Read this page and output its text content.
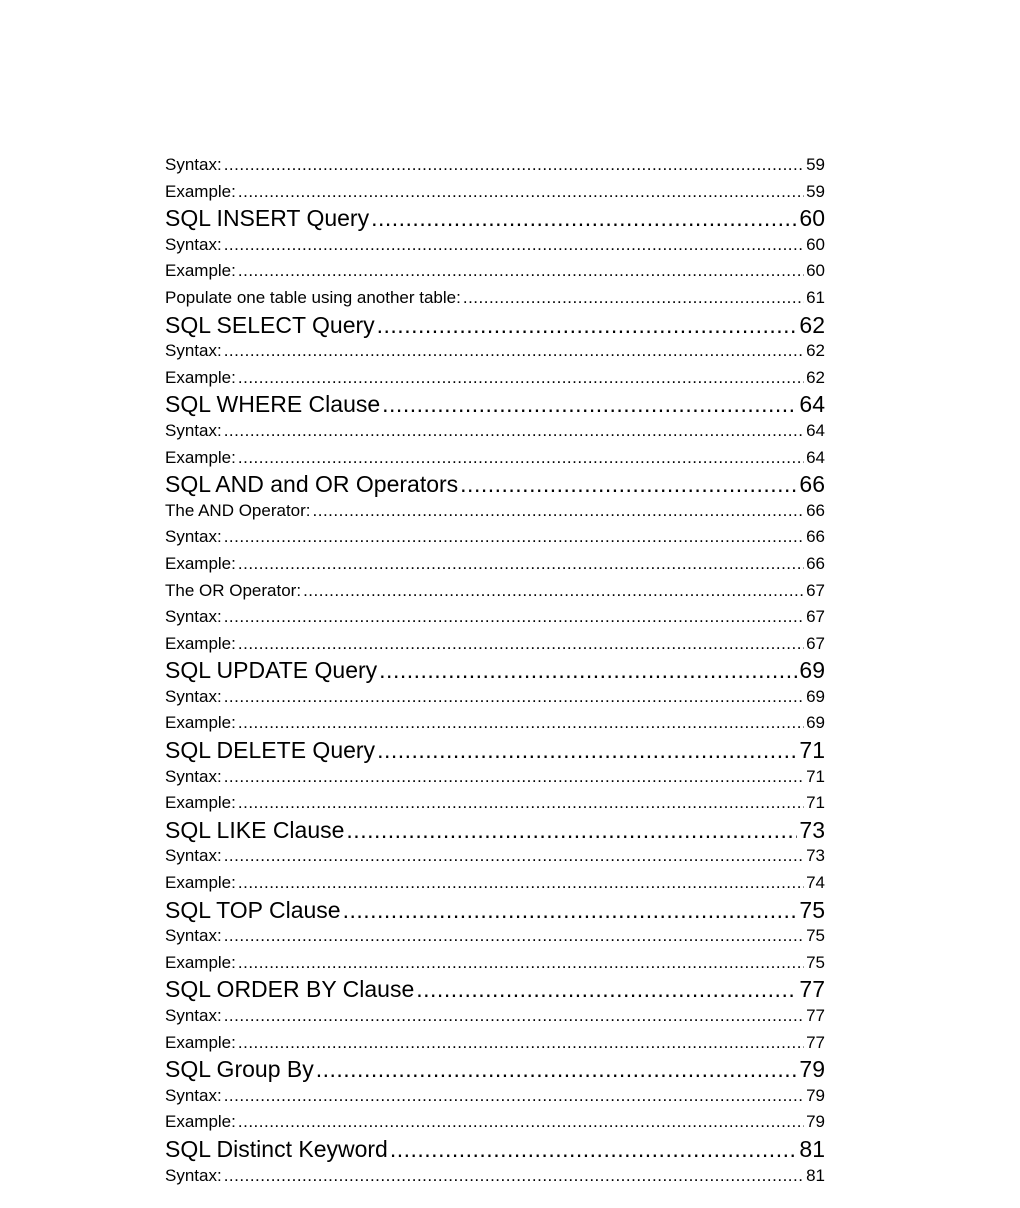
Syntax: .....	59
Example: .....	59
SQL INSERT Query .....	60
Syntax: .....	60
Example: .....	60
Populate one table using another table: .....	61
SQL SELECT Query .....	62
Syntax: .....	62
Example: .....	62
SQL WHERE Clause .....	64
Syntax: .....	64
Example: .....	64
SQL AND and OR Operators .....	66
The AND Operator: .....	66
Syntax: .....	66
Example: .....	66
The OR Operator: .....	67
Syntax: .....	67
Example: .....	67
SQL UPDATE Query .....	69
Syntax: .....	69
Example: .....	69
SQL DELETE Query .....	71
Syntax: .....	71
Example: .....	71
SQL LIKE Clause .....	73
Syntax: .....	73
Example: .....	74
SQL TOP Clause .....	75
Syntax: .....	75
Example: .....	75
SQL ORDER BY Clause .....	77
Syntax: .....	77
Example: .....	77
SQL Group By .....	79
Syntax: .....	79
Example: .....	79
SQL Distinct Keyword .....	81
Syntax: .....	81
